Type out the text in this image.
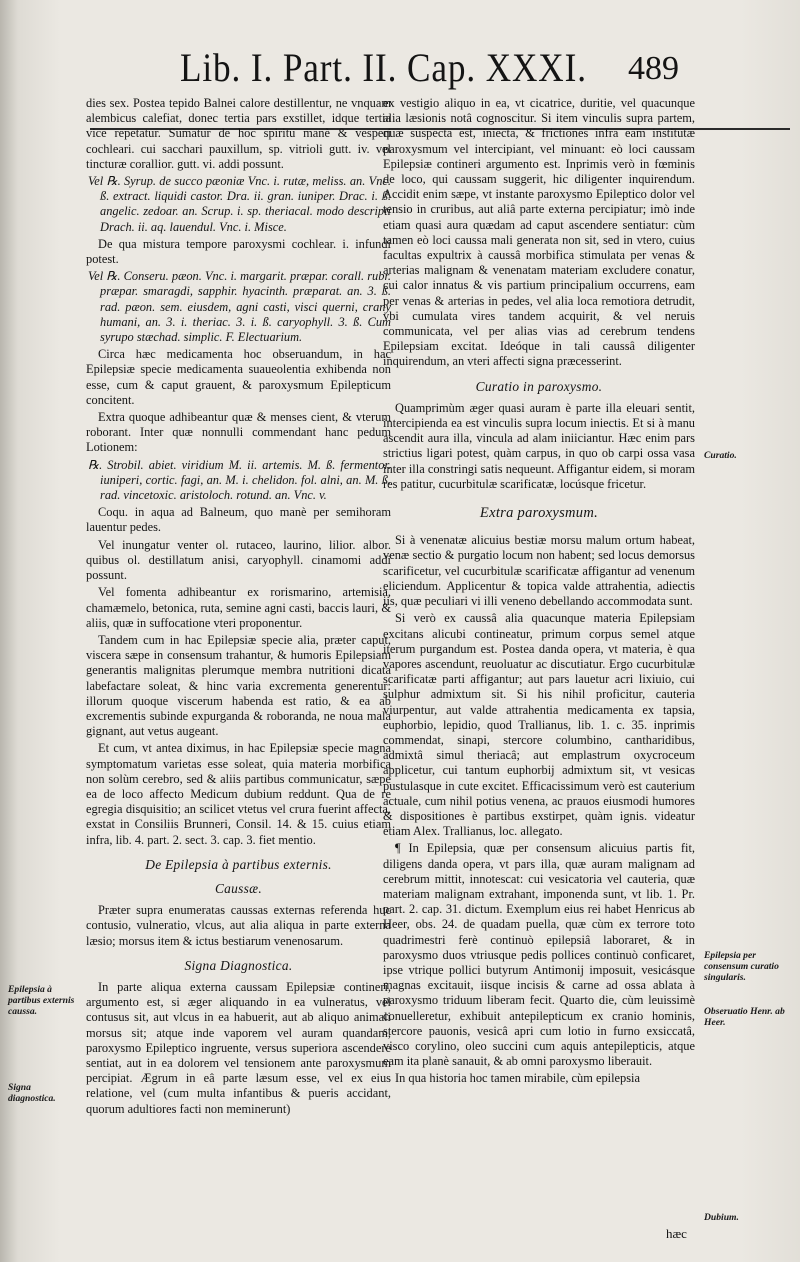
Lib. I. Part. II. Cap. XXXI. 489

dies sex. Postea tepido Balnei calore destillentur, ne vnquam alembicus calefiat, donec tertia pars exstillet, idque tertia vice repetatur. Sumatur de hoc spiritu manè & vesperi cochleari. cui sacchari pauxillum, sp. vitrioli gutt. iv. vel tincturæ corallior. gutt. vi. addi possunt.

Vel ℞. Syrup. de succo pæoniæ Vnc. i. rutæ, meliss. an. Vnc. ß. extract. liquidi castor. Dra. ii. gran. iuniper. Drac. i. ß. angelic. zedoar. an. Scrup. i. sp. theriacal. modo descripti Drach. ii. aq. lauendul. Vnc. i. Misce.

De qua mistura tempore paroxysmi cochlear. i. infundi potest.

Vel ℞. Conseru. pæon. Vnc. i. margarit. præpar. corall. rubr. præpar. smaragdi, sapphir. hyacinth. præparat. an. 3. ß. rad. pæon. sem. eiusdem, agni casti, visci querni, crany humani, an. 3. i. theriac. 3. i. ß. caryophyll. 3. ß. Cum syrupo stæchad. simplic. F. Electuarium.

Circa hæc medicamenta hoc obseruandum, in hac Epilepsiæ specie medicamenta suaueolentia exhibenda non esse, cum & caput grauent, & paroxysmum Epilepticum concitent.

Extra quoque adhibeantur quæ & menses cient, & vterum roborant. Inter quæ nonnulli commendant hanc pedum Lotionem:

℞. Strobil. abiet. viridium M. ii. artemis. M. ß. fermentor. iuniperi, cortic. fagi, an. M. i. chelidon. fol. alni, an. M. ß. rad. vincetoxic. aristoloch. rotund. an. Vnc. v.

Coqu. in aqua ad Balneum, quo manè per semihoram lauentur pedes.

Vel inungatur venter ol. rutaceo, laurino, lilior. albor. quibus ol. destillatum anisi, caryophyll. cinamomi addi possunt.

Vel fomenta adhibeantur ex rorismarino, artemisia, chamæmelo, betonica, ruta, semine agni casti, baccis lauri, & aliis, quæ in suffocatione vteri proponentur.

Tandem cum in hac Epilepsiæ specie alia, præter caput, viscera sæpe in consensum trahantur, & humoris Epilepsiam generantis malignitas plerumque membra nutritioni dicata labefactare soleat, & hinc varia excrementa generentur: illorum quoque viscerum habenda est ratio, & ea ab excrementis subinde expurganda & roboranda, ne noua mala gignant, aut vetus augeant.

Et cum, vt antea diximus, in hac Epilepsiæ specie magna symptomatum varietas esse soleat, quia materia morbifica non solùm cerebro, sed & aliis partibus communicatur, sæpe ea de loco affecto Medicum dubium reddunt. Qua de re egregia disquisitio; an scilicet vtetus vel crura fuerint affecta, exstat in Consiliis Brunneri, Consil. 14. & 15. cuius etiam infra, lib. 4. part. 2. sect. 3. cap. 3. fiet mentio.

De Epilepsia à partibus externis.
Caussæ.

Præter supra enumeratas caussas externas referenda huc contusio, vulneratio, vlcus, aut alia aliqua in parte externa læsio; morsus item & ictus bestiarum venenosarum.

Signa Diagnostica.

In parte aliqua externa caussam Epilepsiæ contineri, argumento est, si æger aliquando in ea vulneratus, vel contusus sit, aut vlcus in ea habuerit, aut ab aliquo animali morsus sit; atque inde vaporem vel auram quandam, paroxysmo Epileptico ingruente, versus superiora ascendere sentiat, aut in ea dolorem vel tensionem ante paroxysmum percipiat. Ægrum in eâ parte læsum esse, vel ex eius relatione, vel (cum multa infantibus & pueris accidant, quorum adultiores facti non meminerunt)

ex vestigio aliquo in ea, vt cicatrice, duritie, vel quacunque alia læsionis notâ cognoscitur. Si item vinculis supra partem, quæ suspecta est, iniecta, & frictiones infra eam institutæ paroxysmum vel intercipiant, vel minuant: eò loci caussam Epilepsiæ contineri argumento est. Inprimis verò in fœminis de loco, qui caussam suggerit, hic diligenter inquirendum. Accidit enim sæpe, vt instante paroxysmo Epileptico dolor vel tensio in cruribus, aut aliâ parte externa percipiatur; imò inde etiam quasi aura quædam ad caput ascendere sentiatur: cùm tamen eò loci caussa mali generata non sit, sed in vtero, cuius facultas expultrix à caussâ morbifica stimulata per venas & arterias malignam & venenatam materiam excludere conatur, cui calor innatus & vis partium principalium occurrens, eam per venas & arterias in pedes, vel alia loca remotiora detrudit, vbi cumulata vires tandem acquirit, & vel neruis communicata, vel per alias vias ad cerebrum tendens Epilepsiam excitat. Ideóque in tali caussâ diligenter inquirendum, an vteri affecti signa præcesserint.

Curatio in paroxysmo.

Quamprimùm æger quasi auram è parte illa eleuari sentit, intercipienda ea est vinculis supra locum iniectis. Et si à manu ascendit aura illa, vincula ad alam iniiciantur. Hæc enim pars strictius ligari potest, quàm carpus, in quo ob carpi ossa vasa inter illa constringi satis nequeunt. Affigantur eidem, si moram res patitur, cucurbitulæ scarificatæ, locúsque fricetur.

Extra paroxysmum.

Si à venenatæ alicuius bestiæ morsu malum ortum habeat, venæ sectio & purgatio locum non habent; sed locus demorsus scarificetur, vel cucurbitulæ scarificatæ affigantur ad venenum eliciendum. Applicentur & topica valde attrahentia, adiectis iis, quæ peculiari vi illi veneno debellando accommodata sunt.

Si verò ex caussâ alia quacunque materia Epilepsiam excitans alicubi contineatur, primum corpus semel atque iterum purgandum est. Postea danda opera, vt materia, è qua vapores ascendunt, reuoluatur ac discutiatur. Ergo cucurbitulæ scarificatæ parti affigantur; aut pars lauetur acri lixiuio, cui sulphur admixtum sit. Si his nihil proficitur, cauteria viurpentur, aut valde attrahentia medicamenta ex tapsia, euphorbio, lepidio, quod Trallianus, lib. 1. c. 35. inprimis commendat, sinapi, stercore columbino, cantharidibus, admixtâ simul theriacâ; aut emplastrum oxycroceum applicetur, cui tantum euphorbij admixtum sit, vt vesicas pustulasque in cute excitet. Efficacissimum verò est cauterium actuale, cum nihil potius venena, ac prauos eiusmodi humores & dispositiones è partibus exstirpet, quàm ignis. videatur etiam Alex. Trallianus, loc. allegato.

¶ In Epilepsia, quæ per consensum alicuius partis fit, diligens danda opera, vt pars illa, quæ auram malignam ad cerebrum mittit, innotescat: cui vesicatoria vel cauteria, quæ materiam malignam extrahant, imponenda sunt, vt lib. 1. Pr. part. 2. cap. 31. dictum. Exemplum eius rei habet Henricus ab Heer, obs. 24. de quadam puella, quæ cùm ex terrore toto quadrimestri ferè continuò epilepsiâ laboraret, & in paroxysmo duos vtriusque pedis pollices continuò conficaret, ipse vtrique pollici butyrum Antimonij imposuit, vesicásque magnas excitauit, iisque incisis & carne ad ossa ablata à paroxysmo triduum liberam fecit. Quarto die, cùm leuissimè conuelleretur, exhibuit antepilepticum ex cranio hominis, stercore pauonis, vesicâ apri cum lotio in furno exsiccatâ, visco corylino, oleo succini cum aquis antepilepticis, atque eam ita planè sanauit, & ab omni paroxysmo liberauit.

In qua historia hoc tamen mirabile, cùm epilepsia

Epilepsia à partibus externis caussa.
Signa diagnostica.
Curatio.
Epilepsia per consensum curatio singularis.
Obseruatio Henr. ab Heer.
Dubium.
hæc
